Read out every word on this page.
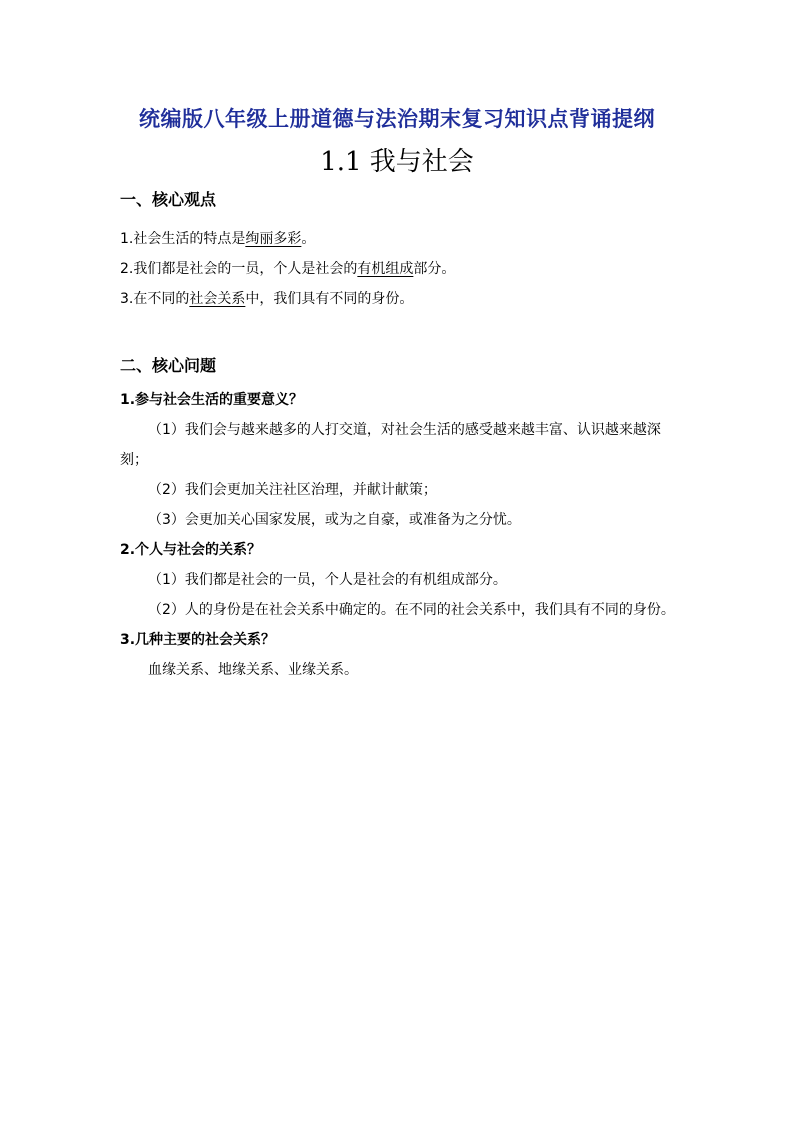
统编版八年级上册道德与法治期末复习知识点背诵提纲
1.1 我与社会
一、核心观点
1.社会生活的特点是绚丽多彩。
2.我们都是社会的一员，个人是社会的有机组成部分。
3.在不同的社会关系中，我们具有不同的身份。
二、核心问题
1.参与社会生活的重要意义？
（1）我们会与越来越多的人打交道，对社会生活的感受越来越丰富、认识越来越深刻；
（2）我们会更加关注社区治理，并献计献策；
（3）会更加关心国家发展，或为之自豪，或准备为之分忧。
2.个人与社会的关系？
（1）我们都是社会的一员，个人是社会的有机组成部分。
（2）人的身份是在社会关系中确定的。在不同的社会关系中，我们具有不同的身份。
3.几种主要的社会关系？
血缘关系、地缘关系、业缘关系。
